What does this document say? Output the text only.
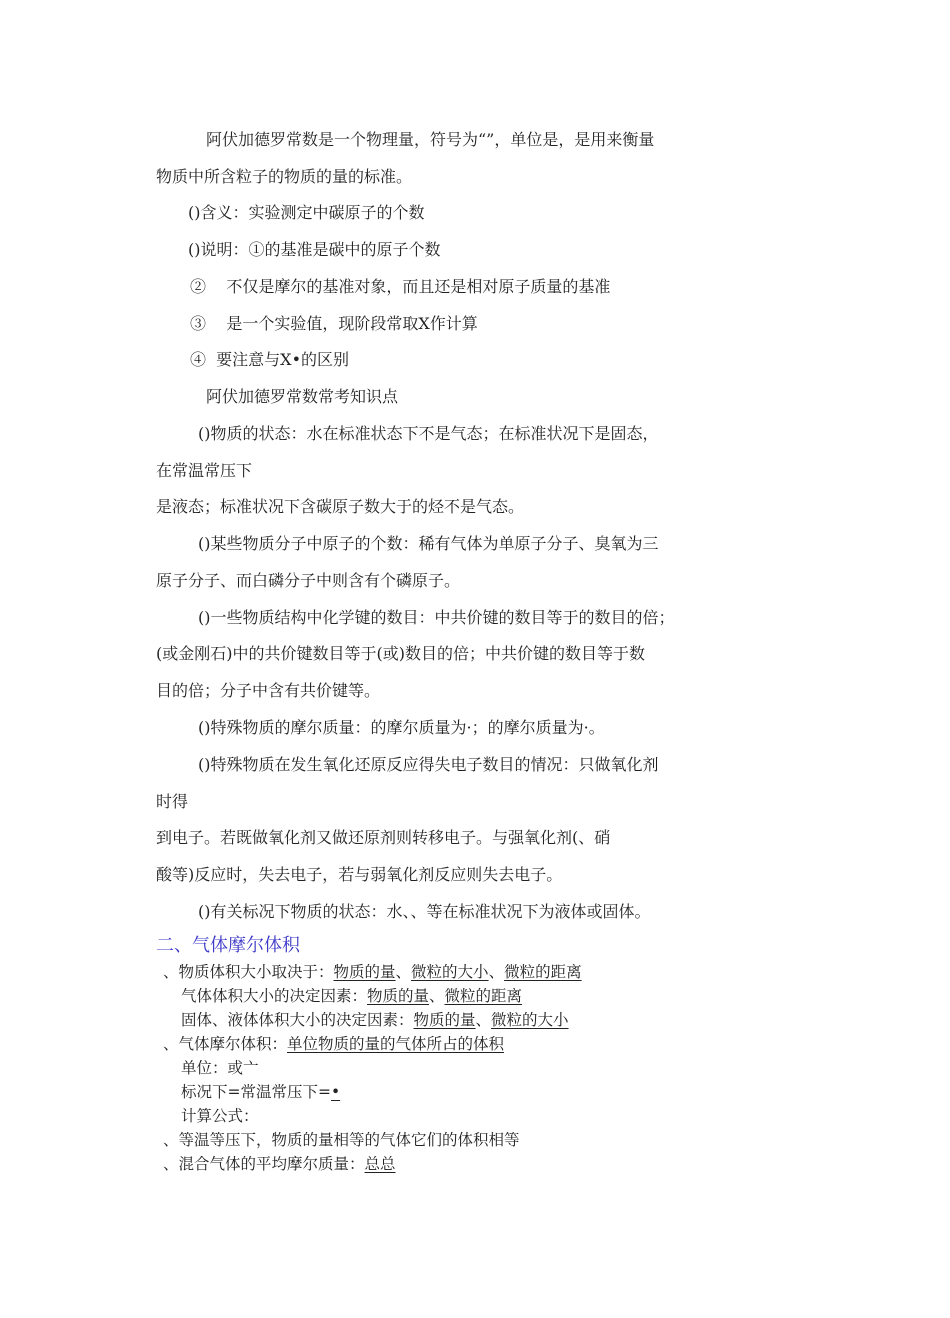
阿伏加德罗常数是一个物理量，符号为“”，单位是，是用来衡量
物质中所含粒子的物质的量的标准。
()含义：实验测定中碳原子的个数
()说明：①的基准是碳中的原子个数
②    不仅是摩尔的基准对象，而且还是相对原子质量的基准
③    是一个实验值，现阶段常取X作计算
④  要注意与X•的区别
阿伏加德罗常数常考知识点
()物质的状态：水在标准状态下不是气态；在标准状况下是固态，
在常温常压下
是液态；标准状况下含碳原子数大于的烃不是气态。
()某些物质分子中原子的个数：稀有气体为单原子分子、臭氧为三
原子分子、而白磷分子中则含有个磷原子。
()一些物质结构中化学键的数目：中共价键的数目等于的数目的倍；
(或金刚石)中的共价键数目等于(或)数目的倍；中共价键的数目等于数
目的倍；分子中含有共价键等。
()特殊物质的摩尔质量：的摩尔质量为·；的摩尔质量为·。
()特殊物质在发生氧化还原反应得失电子数目的情况：只做氧化剂
时得
到电子。若既做氧化剂又做还原剂则转移电子。与强氧化剂(、硝
酸等)反应时，失去电子，若与弱氧化剂反应则失去电子。
()有关标况下物质的状态：水、、等在标准状况下为液体或固体。
二、气体摩尔体积
、物质体积大小取决于：物质的量、微粒的大小、微粒的距离
气体体积大小的决定因素：物质的量、微粒的距离
固体、液体体积大小的决定因素：物质的量、微粒的大小
、气体摩尔体积：单位物质的量的气体所占的体积
单位：或亠
标况下=常温常压下=•
计算公式：
、等温等压下，物质的量相等的气体它们的体积相等
、混合气体的平均摩尔质量：总总
